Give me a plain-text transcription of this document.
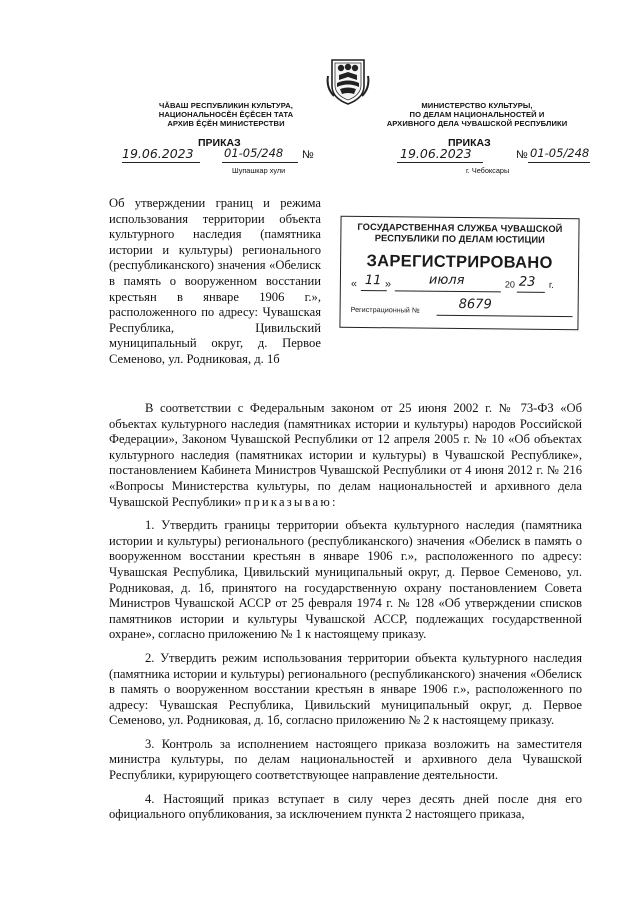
ЧĂВАШ РЕСПУБЛИКИН КУЛЬТУРА,
НАЦИОНАЛЬНОСĔН ĔÇĔСЕН ТАТА
АРХИВ ĔÇĔН МИНИСТЕРСТВИ
МИНИСТЕРСТВО КУЛЬТУРЫ,
ПО ДЕЛАМ НАЦИОНАЛЬНОСТЕЙ И
АРХИВНОГО ДЕЛА ЧУВАШСКОЙ РЕСПУБЛИКИ
ПРИКАЗ	ПРИКАЗ
19.06.2023	01-05/248 №
Шупашкар хули
19.06.2023	№ 01-05/248
г. Чебоксары
Об утверждении границ и режима использования территории объекта культурного наследия (памятника истории и культуры) регионального (республиканского) значения «Обелиск в память о вооруженном восстании крестьян в январе 1906 г.», расположенного по адресу: Чувашская Республика, Цивильский муниципальный округ, д. Первое Семеново, ул. Родниковая, д. 1б
ГОСУДАРСТВЕННАЯ СЛУЖБА ЧУВАШСКОЙ
РЕСПУБЛИКИ ПО ДЕЛАМ ЮСТИЦИИ
ЗАРЕГИСТРИРОВАНО
« 11 »	июля	20 23 г.
Регистрационный №	8679

В соответствии с Федеральным законом от 25 июня 2002 г. № 73-ФЗ «Об объектах культурного наследия (памятниках истории и культуры) народов Российской Федерации», Законом Чувашской Республики от 12 апреля 2005 г. № 10 «Об объектах культурного наследия (памятниках истории и культуры) в Чувашской Республике», постановлением Кабинета Министров Чувашской Республики от 4 июня 2012 г. № 216 «Вопросы Министерства культуры, по делам национальностей и архивного дела Чувашской Республики» приказываю:

1. Утвердить границы территории объекта культурного наследия (памятника истории и культуры) регионального (республиканского) значения «Обелиск в память о вооруженном восстании крестьян в январе 1906 г.», расположенного по адресу: Чувашская Республика, Цивильский муниципальный округ, д. Первое Семеново, ул. Родниковая, д. 1б, принятого на государственную охрану постановлением Совета Министров Чувашской АССР от 25 февраля 1974 г. № 128 «Об утверждении списков памятников истории и культуры Чувашской АССР, подлежащих государственной охране», согласно приложению № 1 к настоящему приказу.

2. Утвердить режим использования территории объекта культурного наследия (памятника истории и культуры) регионального (республиканского) значения «Обелиск в память о вооруженном восстании крестьян в январе 1906 г.», расположенного по адресу: Чувашская Республика, Цивильский муниципальный округ, д. Первое Семеново, ул. Родниковая, д. 1б, согласно приложению № 2 к настоящему приказу.

3. Контроль за исполнением настоящего приказа возложить на заместителя министра культуры, по делам национальностей и архивного дела Чувашской Республики, курирующего соответствующее направление деятельности.

4. Настоящий приказ вступает в силу через десять дней после дня его официального опубликования, за исключением пункта 2 настоящего приказа,
